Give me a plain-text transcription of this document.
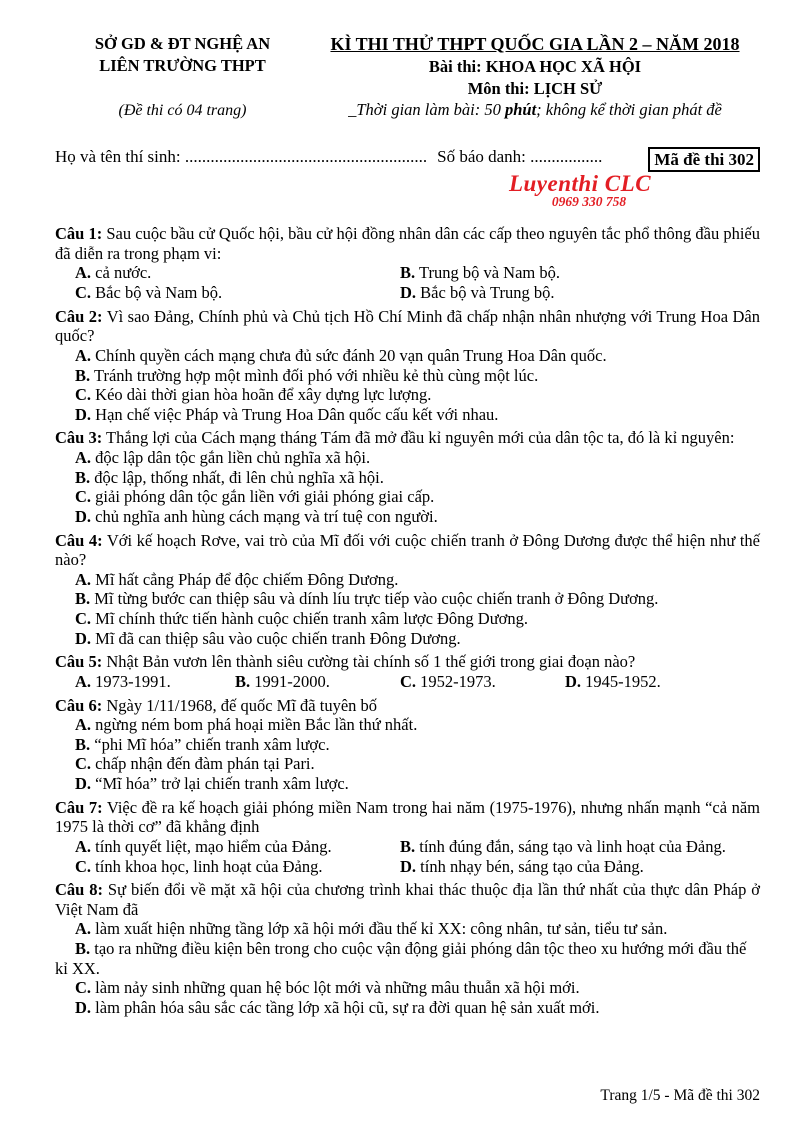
SỞ GD & ĐT NGHỆ AN
LIÊN TRƯỜNG THPT
(Đề thi có 04 trang)
KÌ THI THỬ THPT QUỐC GIA LẦN 2 – NĂM 2018
Bài thi: KHOA HỌC XÃ HỘI
Môn thi: LỊCH SỬ
_Thời gian làm bài: 50 phút; không kể thời gian phát đề
Họ và tên thí sinh: ......................................................... Số báo danh: .................	Mã đề thi 302
Luyenthi CLC
0969 330 758

Câu 1: Sau cuộc bầu cử Quốc hội, bầu cử hội đồng nhân dân các cấp theo nguyên tắc phổ thông đầu phiếu đã diễn ra trong phạm vi:

A. cả nước.	B. Trung bộ và Nam bộ.

C. Bắc bộ và Nam bộ.	D. Bắc bộ và Trung bộ.

Câu 2: Vì sao Đảng, Chính phủ và Chủ tịch Hồ Chí Minh đã chấp nhận nhân nhượng với Trung Hoa Dân quốc?

A. Chính quyền cách mạng chưa đủ sức đánh 20 vạn quân Trung Hoa Dân quốc.

B. Tránh trường hợp một mình đối phó với nhiều kẻ thù cùng một lúc.

C. Kéo dài thời gian hòa hoãn để xây dựng lực lượng.

D. Hạn chế việc Pháp và Trung Hoa Dân quốc cấu kết với nhau.

Câu 3: Thắng lợi của Cách mạng tháng Tám đã mở đầu kỉ nguyên mới của dân tộc ta, đó là kỉ nguyên:

A. độc lập dân tộc gắn liền chủ nghĩa xã hội.

B. độc lập, thống nhất, đi lên chủ nghĩa xã hội.

C. giải phóng dân tộc gắn liền với giải phóng giai cấp.

D. chủ nghĩa anh hùng cách mạng và trí tuệ con người.

Câu 4: Với kế hoạch Rơve, vai trò của Mĩ đối với cuộc chiến tranh ở Đông Dương được thể hiện như thế nào?

A. Mĩ hất cẳng Pháp để độc chiếm Đông Dương.

B. Mĩ từng bước can thiệp sâu và dính líu trực tiếp vào cuộc chiến tranh ở Đông Dương.

C. Mĩ chính thức tiến hành cuộc chiến tranh xâm lược Đông Dương.

D. Mĩ đã can thiệp sâu vào cuộc chiến tranh Đông Dương.

Câu 5: Nhật Bản vươn lên thành siêu cường tài chính số 1 thế giới trong giai đoạn nào?

A. 1973-1991.	B. 1991-2000.	C. 1952-1973.	D. 1945-1952.

Câu 6: Ngày 1/11/1968, đế quốc Mĩ đã tuyên bố

A. ngừng ném bom phá hoại miền Bắc lần thứ nhất.

B. “phi Mĩ hóa” chiến tranh xâm lược.

C. chấp nhận đến đàm phán tại Pari.

D. “Mĩ hóa” trở lại chiến tranh xâm lược.

Câu 7: Việc đề ra kế hoạch giải phóng miền Nam trong hai năm (1975-1976), nhưng nhấn mạnh “cả năm 1975 là thời cơ” đã khẳng định

A. tính quyết liệt, mạo hiểm của Đảng.	B. tính đúng đắn, sáng tạo và linh hoạt của Đảng.

C. tính khoa học, linh hoạt của Đảng.	D. tính nhạy bén, sáng tạo của Đảng.

Câu 8: Sự biến đổi về mặt xã hội của chương trình khai thác thuộc địa lần thứ nhất của thực dân Pháp ở Việt Nam đã

A. làm xuất hiện những tầng lớp xã hội mới đầu thế kỉ XX: công nhân, tư sản, tiểu tư sản.

B. tạo ra những điều kiện bên trong cho cuộc vận động giải phóng dân tộc theo xu hướng mới đầu thế kỉ XX.

C. làm nảy sinh những quan hệ bóc lột mới và những mâu thuẫn xã hội mới.

D. làm phân hóa sâu sắc các tầng lớp xã hội cũ, sự ra đời quan hệ sản xuất mới.

Trang 1/5 - Mã đề thi 302
